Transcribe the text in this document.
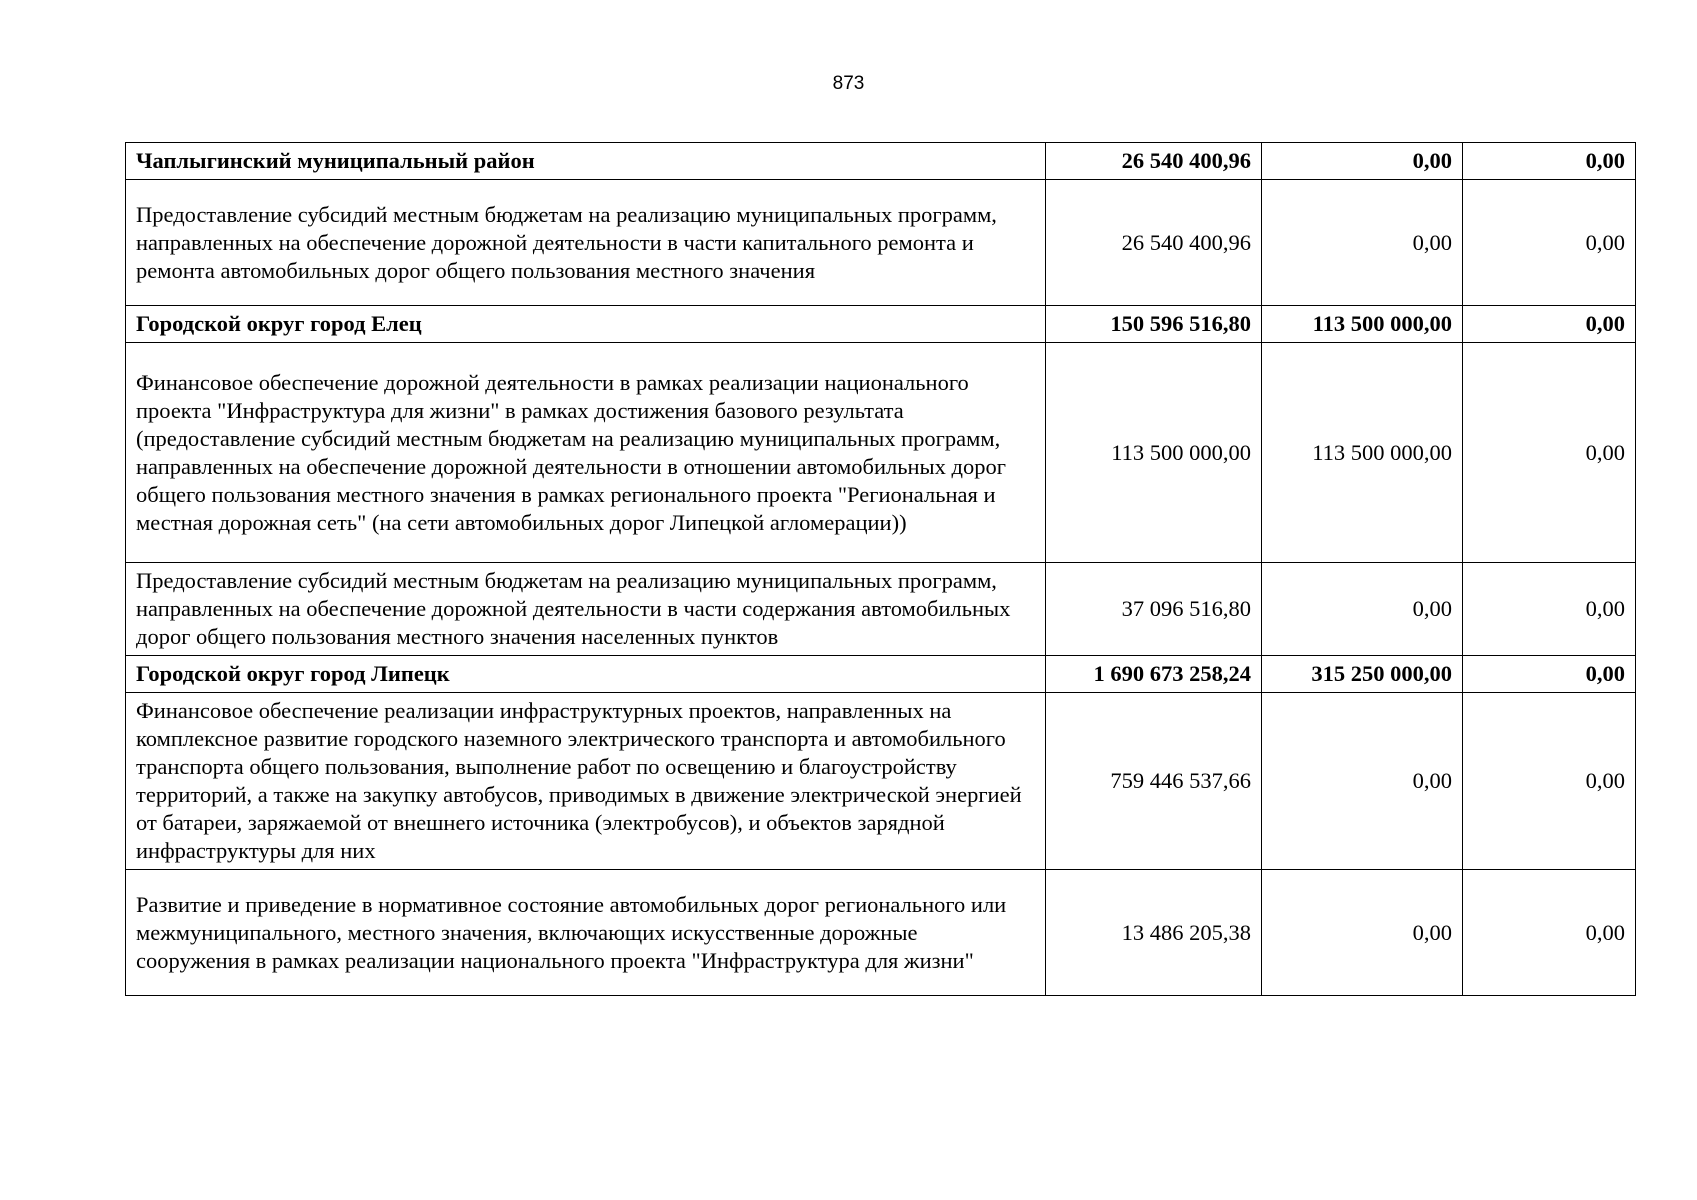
873
Чаплыгинский муниципальный район	26 540 400,96	0,00	0,00
Предоставление субсидий местным бюджетам на реализацию муниципальных программ, направленных на обеспечение дорожной деятельности в части капитального ремонта и ремонта автомобильных дорог общего пользования местного значения	26 540 400,96	0,00	0,00
Городской округ город Елец	150 596 516,80	113 500 000,00	0,00
Финансовое обеспечение дорожной деятельности в рамках реализации национального проекта "Инфраструктура для жизни" в рамках достижения базового результата (предоставление субсидий местным бюджетам на реализацию муниципальных программ, направленных на обеспечение дорожной деятельности в отношении автомобильных дорог общего пользования местного значения в рамках регионального проекта "Региональная и местная дорожная сеть" (на сети автомобильных дорог Липецкой агломерации))	113 500 000,00	113 500 000,00	0,00
Предоставление субсидий местным бюджетам на реализацию муниципальных программ, направленных на обеспечение дорожной деятельности в части содержания автомобильных дорог общего пользования местного значения населенных пунктов	37 096 516,80	0,00	0,00
Городской округ город Липецк	1 690 673 258,24	315 250 000,00	0,00
Финансовое обеспечение реализации инфраструктурных проектов, направленных на комплексное развитие городского наземного электрического транспорта и автомобильного транспорта общего пользования, выполнение работ по освещению и благоустройству территорий, а также на закупку автобусов, приводимых в движение электрической энергией от батареи, заряжаемой от внешнего источника (электробусов), и объектов зарядной инфраструктуры для них	759 446 537,66	0,00	0,00
Развитие и приведение в нормативное состояние автомобильных дорог регионального или межмуниципального, местного значения, включающих искусственные дорожные сооружения в рамках реализации национального проекта "Инфраструктура для жизни"	13 486 205,38	0,00	0,00
